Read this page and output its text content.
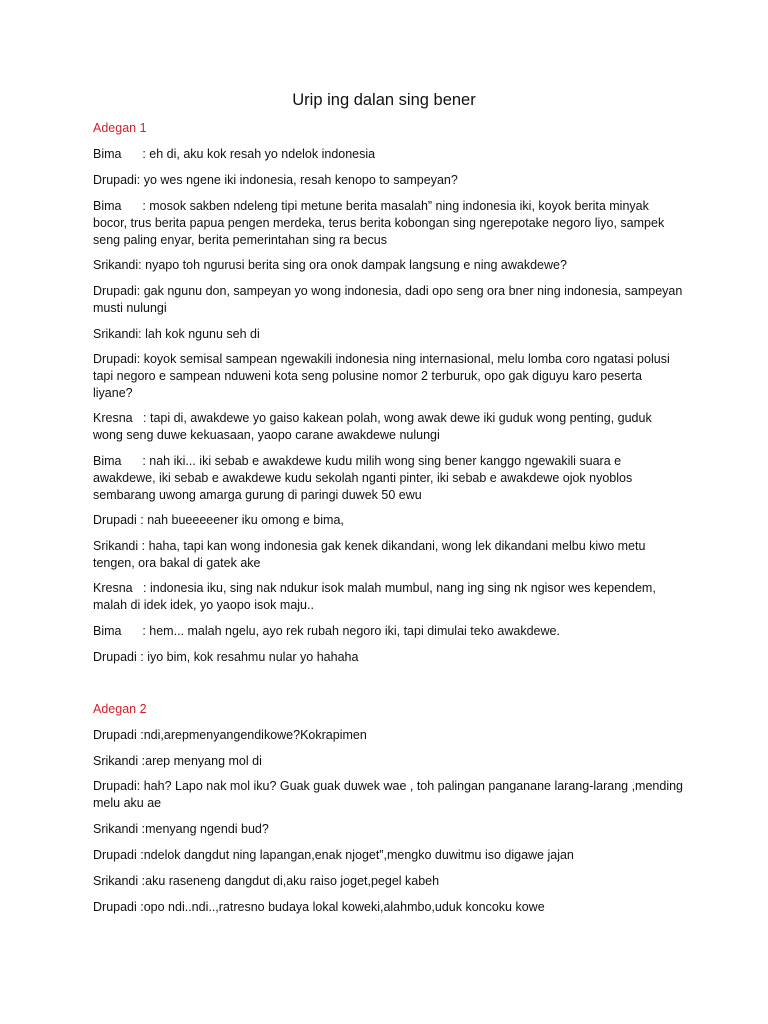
Urip ing dalan sing bener

Adegan 1

Bima      : eh di, aku kok resah yo ndelok indonesia

Drupadi: yo wes ngene iki indonesia, resah kenopo to sampeyan?

Bima      : mosok sakben ndeleng tipi metune berita masalah” ning indonesia iki, koyok berita minyak bocor, trus berita papua pengen merdeka, terus berita kobongan sing ngerepotake negoro liyo, sampek seng paling enyar, berita pemerintahan sing ra becus

Srikandi: nyapo toh ngurusi berita sing ora onok dampak langsung e ning awakdewe?

Drupadi: gak ngunu don, sampeyan yo wong indonesia, dadi opo seng ora bner ning indonesia, sampeyan musti nulungi

Srikandi: lah kok ngunu seh di

Drupadi: koyok semisal sampean ngewakili indonesia ning internasional, melu lomba coro ngatasi polusi tapi negoro e sampean nduweni kota seng polusine nomor 2 terburuk, opo gak diguyu karo peserta liyane?

Kresna   : tapi di, awakdewe yo gaiso kakean polah, wong awak dewe iki guduk wong penting, guduk wong seng duwe kekuasaan, yaopo carane awakdewe nulungi

Bima      : nah iki... iki sebab e awakdewe kudu milih wong sing bener kanggo ngewakili suara e awakdewe, iki sebab e awakdewe kudu sekolah nganti pinter, iki sebab e awakdewe ojok nyoblos sembarang uwong amarga gurung di paringi duwek 50 ewu

Drupadi : nah bueeeeener iku omong e bima,

Srikandi : haha, tapi kan wong indonesia gak kenek dikandani, wong lek dikandani melbu kiwo metu tengen, ora bakal di gatek ake

Kresna   : indonesia iku, sing nak ndukur isok malah mumbul, nang ing sing nk ngisor wes kependem, malah di idek idek, yo yaopo isok maju..

Bima      : hem... malah ngelu, ayo rek rubah negoro iki, tapi dimulai teko awakdewe.

Drupadi : iyo bim, kok resahmu nular yo hahaha

Adegan 2

Drupadi :ndi,arepmenyangendikowe?Kokrapimen

Srikandi :arep menyang mol di

Drupadi: hah? Lapo nak mol iku? Guak guak duwek wae , toh palingan panganane larang-larang ,mending melu aku ae

Srikandi :menyang ngendi bud?

Drupadi :ndelok dangdut ning lapangan,enak njoget”,mengko duwitmu iso digawe jajan

Srikandi :aku raseneng dangdut di,aku raiso joget,pegel kabeh

Drupadi :opo ndi..ndi..,ratresno budaya lokal koweki,alahmbo,uduk koncoku kowe
